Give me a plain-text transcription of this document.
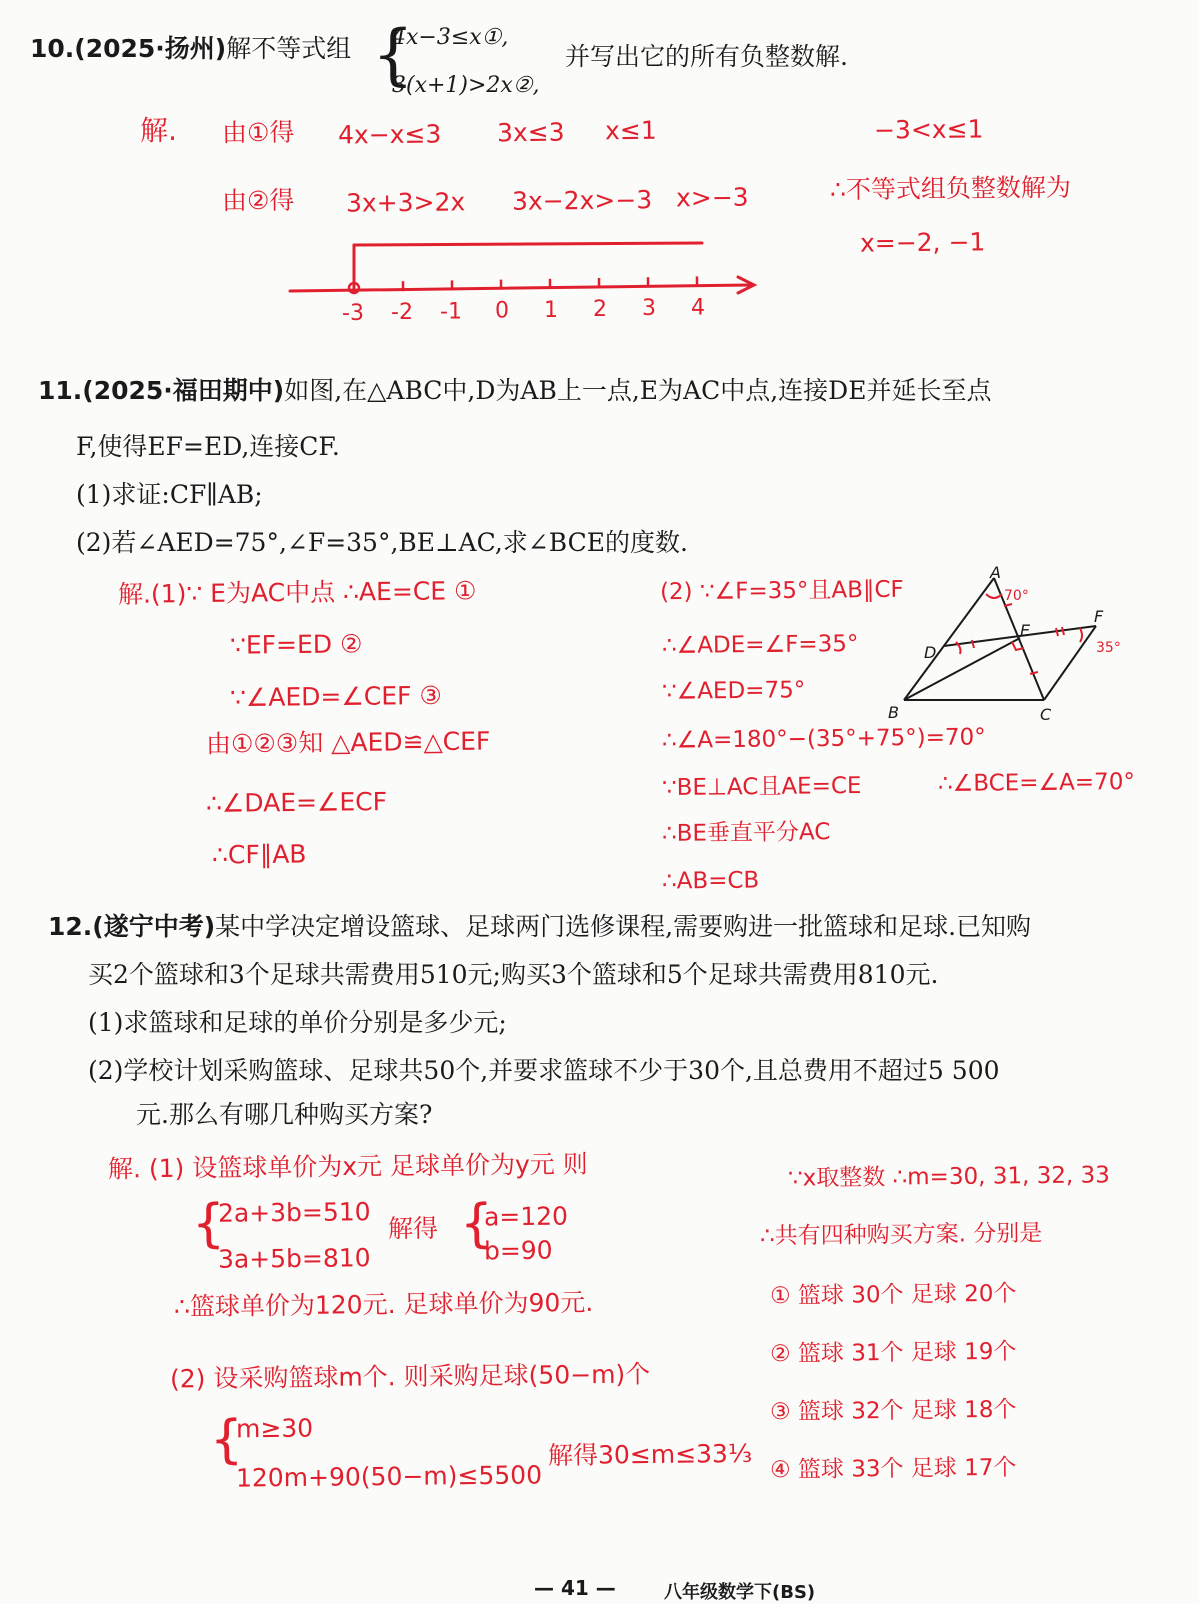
10.(2025·扬州)解不等式组 {
4x−3≤x①,
3(x+1)>2x②,
并写出它的所有负整数解.
解. 由①得 4x−x≤3 3x≤3 x≤1	−3<x≤1
由②得 3x+3>2x 3x−2x>−3 x>−3	∴不等式组负整数解为
x=−2, −1
-3 -2 -1 0 1 2 3 4
11.(2025·福田期中)如图,在△ABC中,D为AB上一点,E为AC中点,连接DE并延长至点
F,使得EF=ED,连接CF.
(1)求证:CF∥AB;
(2)若∠AED=75°,∠F=35°,BE⊥AC,求∠BCE的度数.
解.(1)∵ E为AC中点 ∴AE=CE ①
∵EF=ED ②
∵∠AED=∠CEF ③
由①②③知 △AED≌△CEF
∴∠DAE=∠ECF
∴CF∥AB
(2) ∵∠F=35°且AB∥CF
∴∠ADE=∠F=35°
∵∠AED=75°
∴∠A=180°−(35°+75°)=70°
∵BE⊥AC且AE=CE
∴BE垂直平分AC
∴AB=CB
∴∠BCE=∠A=70°
A
B	C
D
E
F
70°
35°
12.(遂宁中考)某中学决定增设篮球、足球两门选修课程,需要购进一批篮球和足球.已知购
买2个篮球和3个足球共需费用510元;购买3个篮球和5个足球共需费用810元.
(1)求篮球和足球的单价分别是多少元;
(2)学校计划采购篮球、足球共50个,并要求篮球不少于30个,且总费用不超过5 500
元.那么有哪几种购买方案?
解. (1) 设篮球单价为x元 足球单价为y元 则
{
2a+3b=510
3a+5b=810
解得 {
a=120
b=90
∴篮球单价为120元. 足球单价为90元.
(2) 设采购篮球m个. 则采购足球(50−m)个
{
m≥30
120m+90(50−m)≤5500
解得30≤m≤33⅓
∵x取整数 ∴m=30, 31, 32, 33
∴共有四种购买方案. 分别是
① 篮球 30个 足球 20个
② 篮球 31个 足球 19个
③ 篮球 32个 足球 18个
④ 篮球 33个 足球 17个
— 41 —	八年级数学下(BS)
